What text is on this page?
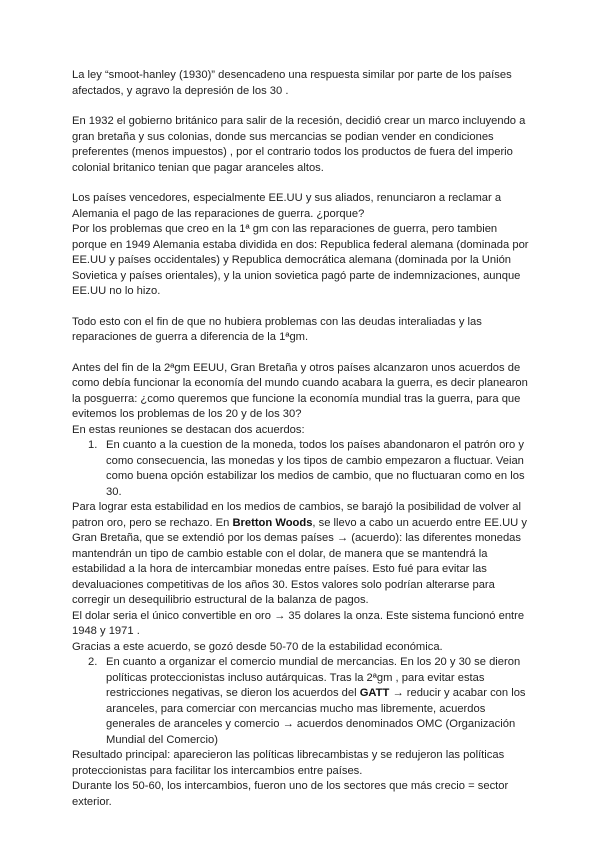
La ley “smoot-hanley (1930)” desencadeno una respuesta similar por parte de los países afectados, y agravo la depresión de los 30 .

En 1932 el gobierno británico para salir de la recesión, decidió crear un marco incluyendo a gran bretaña y sus colonias, donde sus mercancias se podian vender en condiciones preferentes (menos impuestos) , por el contrario todos los productos de fuera del imperio colonial britanico tenian que pagar aranceles altos.

Los países vencedores, especialmente EE.UU y sus aliados, renunciaron a reclamar a Alemania el pago de las reparaciones de guerra. ¿porque?

Por los problemas que creo en la 1ª gm con las reparaciones de guerra, pero tambien porque en 1949 Alemania estaba dividida en dos: Republica federal alemana (dominada por EE.UU y países occidentales) y Republica democrática alemana (dominada por la Unión Sovietica y países orientales), y la union sovietica pagó parte de indemnizaciones, aunque EE.UU no lo hizo.

Todo esto con el fin de que no hubiera problemas con las deudas interaliadas y las reparaciones de guerra a diferencia de la 1ªgm.

Antes del fin de la 2ªgm EEUU, Gran Bretaña y otros países alcanzaron unos acuerdos de como debía funcionar la economía del mundo cuando acabara la guerra, es decir planearon la posguerra: ¿como queremos que funcione la economía mundial tras la guerra, para que evitemos los problemas de los 20 y de los 30?

En estas reuniones se destacan dos acuerdos:

1. En cuanto a la cuestion de la moneda, todos los países abandonaron el patrón oro y como consecuencia, las monedas y los tipos de cambio empezaron a fluctuar. Veian como buena opción estabilizar los medios de cambio, que no fluctuaran como en los 30.

Para lograr esta estabilidad en los medios de cambios, se barajó la posibilidad de volver al patron oro, pero se rechazo. En Bretton Woods, se llevo a cabo un acuerdo entre EE.UU y Gran Bretaña, que se extendió por los demas países → (acuerdo): las diferentes monedas mantendrán un tipo de cambio estable con el dolar, de manera que se mantendrá la estabilidad a la hora de intercambiar monedas entre países. Esto fué para evitar las devaluaciones competitivas de los años 30. Estos valores solo podrían alterarse para corregir un desequilibrio estructural de la balanza de pagos.

El dolar seria el único convertible en oro → 35 dolares la onza. Este sistema funcionó entre 1948 y 1971 .

Gracias a este acuerdo, se gozó desde 50-70 de la estabilidad económica.

2. En cuanto a organizar el comercio mundial de mercancias. En los 20 y 30 se dieron políticas proteccionistas incluso autárquicas. Tras la 2ªgm , para evitar estas restricciones negativas, se dieron los acuerdos del GATT → reducir y acabar con los aranceles, para comerciar con mercancias mucho mas libremente, acuerdos generales de aranceles y comercio → acuerdos denominados OMC (Organización Mundial del Comercio)

Resultado principal: aparecieron las políticas librecambistas y se redujeron las políticas proteccionistas para facilitar los intercambios entre países.

Durante los 50-60, los intercambios, fueron uno de los sectores que más crecio = sector exterior.
